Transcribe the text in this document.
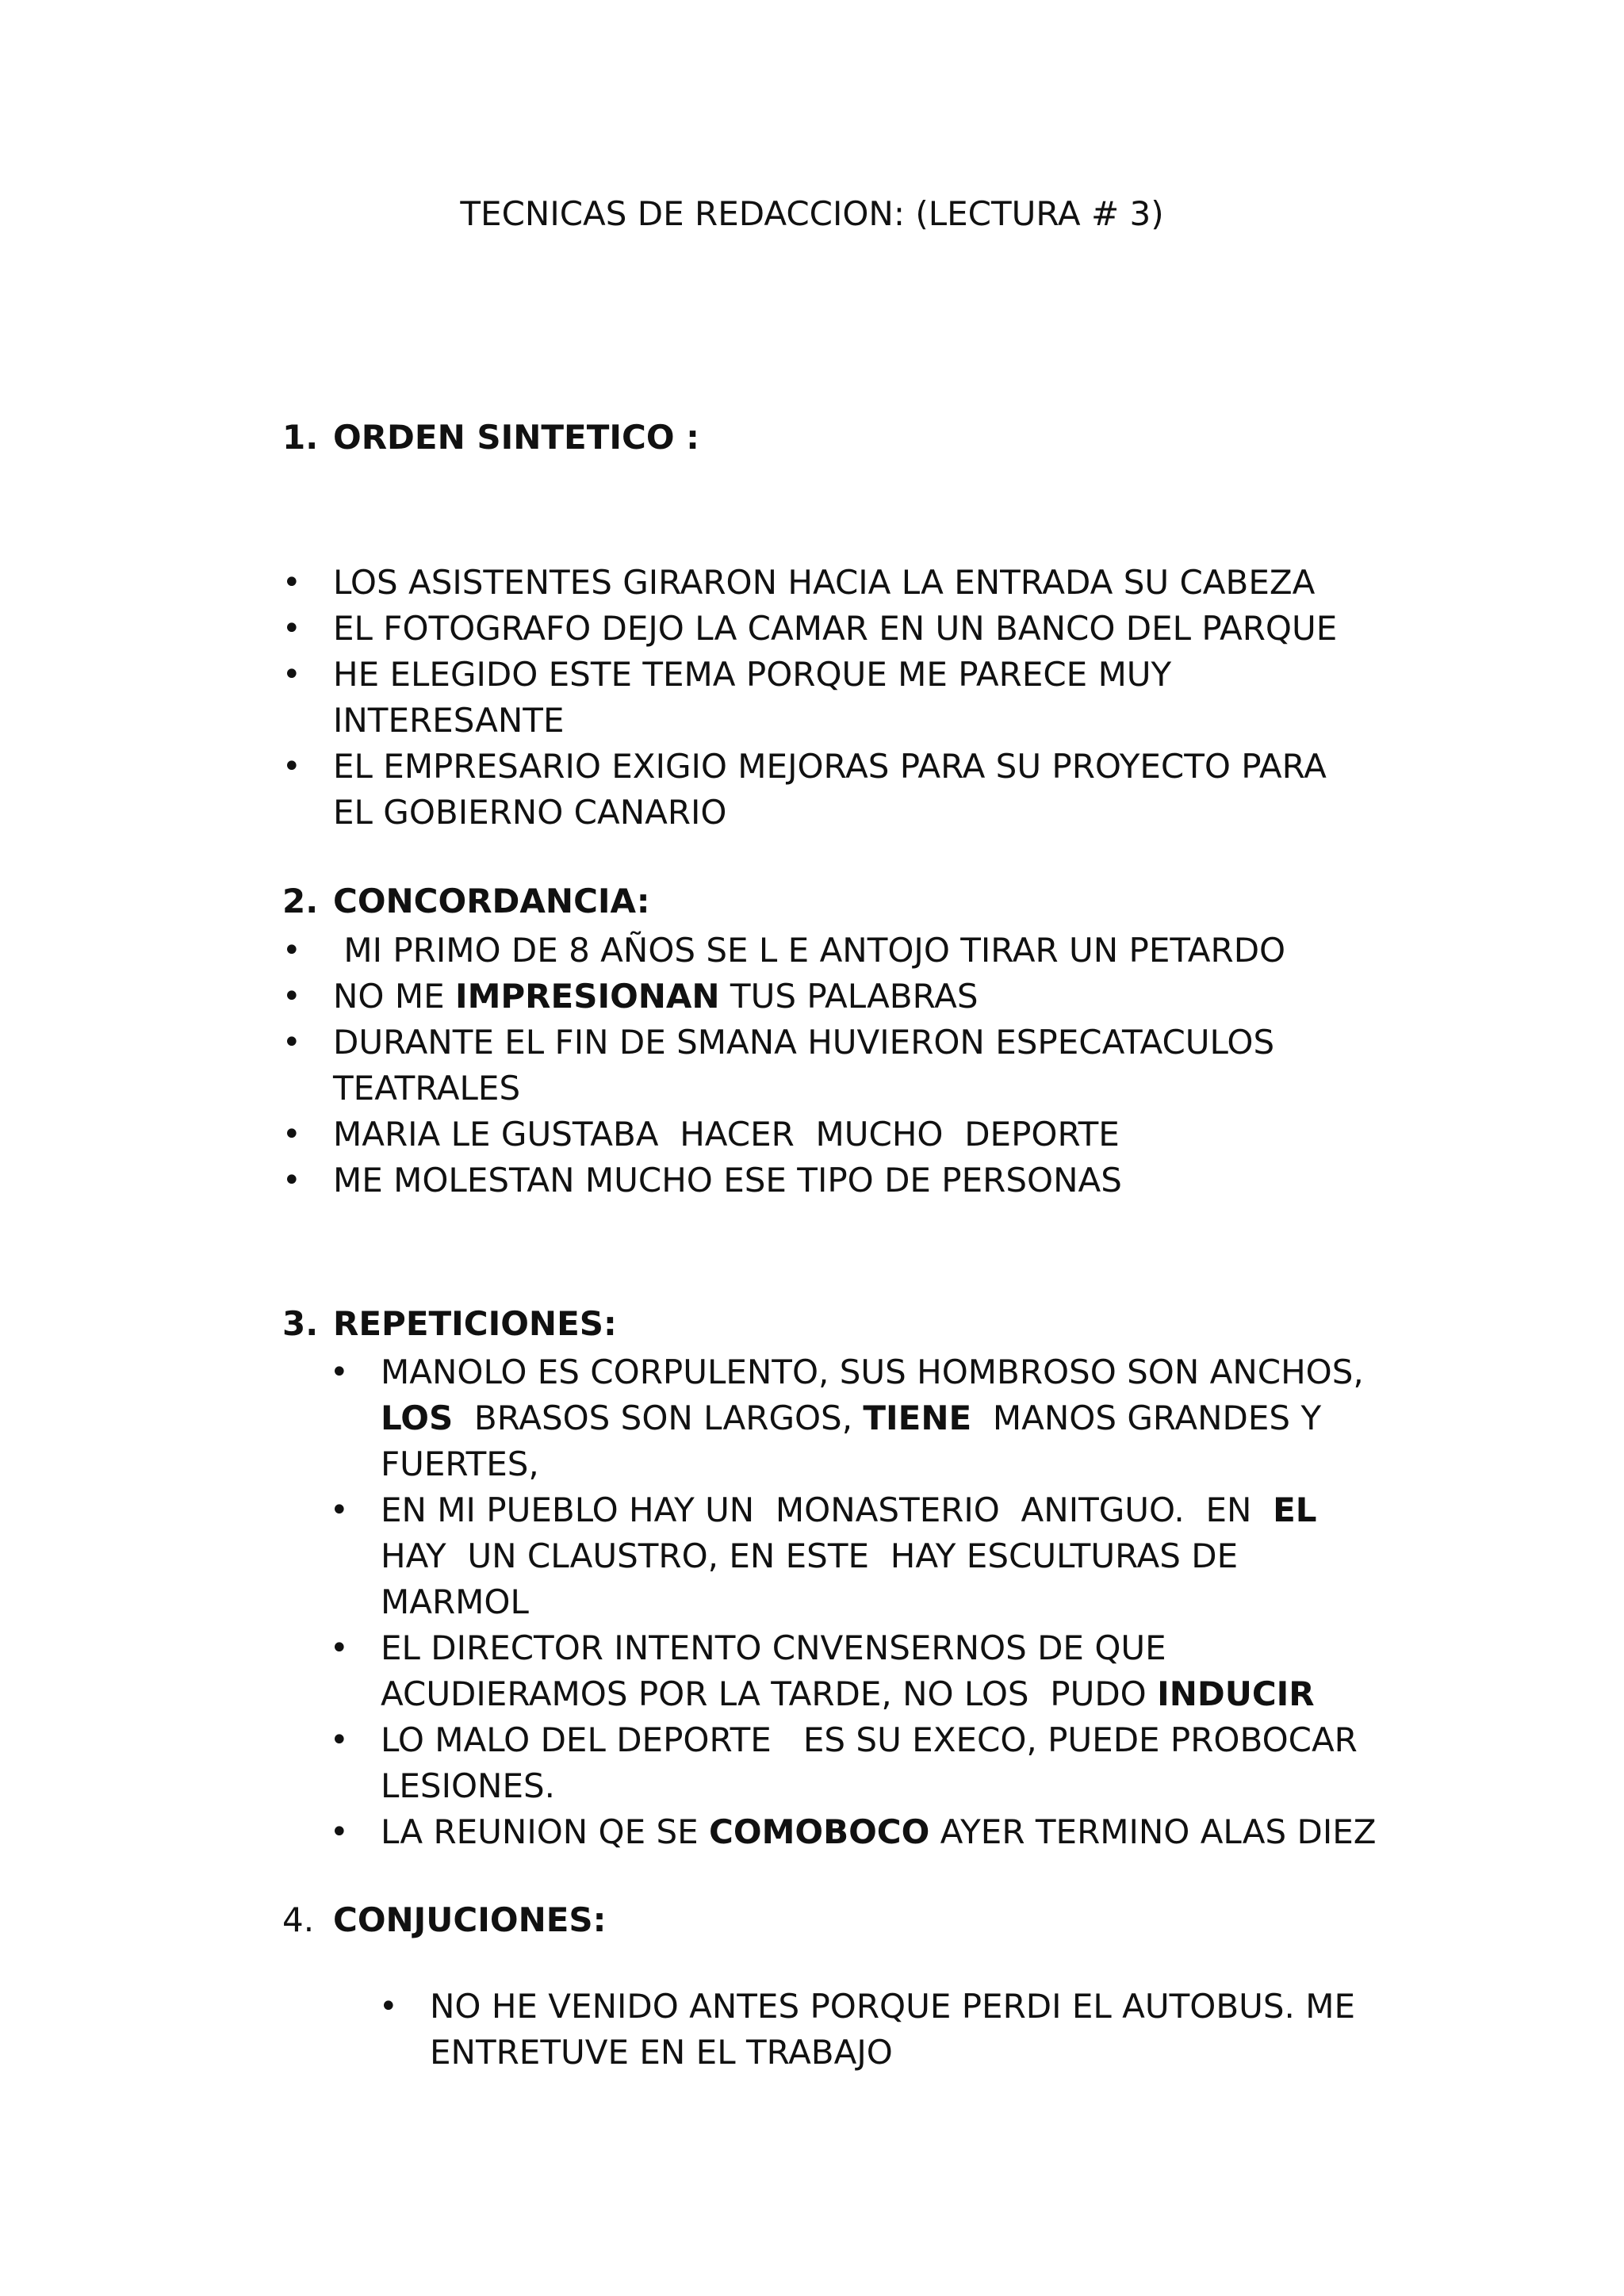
TECNICAS DE REDACCION: (LECTURA # 3)
1. ORDEN SINTETICO :
• LOS ASISTENTES GIRARON HACIA LA ENTRADA SU CABEZA
• EL FOTOGRAFO DEJO LA CAMAR EN UN BANCO DEL PARQUE
• HE ELEGIDO ESTE TEMA PORQUE ME PARECE MUY
INTERESANTE
• EL EMPRESARIO EXIGIO MEJORAS PARA SU PROYECTO PARA
EL GOBIERNO CANARIO
2. CONCORDANCIA:
•  MI PRIMO DE 8 AÑOS SE L E ANTOJO TIRAR UN PETARDO
• NO ME IMPRESIONAN TUS PALABRAS
• DURANTE EL FIN DE SMANA HUVIERON ESPECATACULOS
TEATRALES
• MARIA LE GUSTABA  HACER  MUCHO  DEPORTE
• ME MOLESTAN MUCHO ESE TIPO DE PERSONAS
3. REPETICIONES:
• MANOLO ES CORPULENTO, SUS HOMBROSO SON ANCHOS,
LOS  BRASOS SON LARGOS, TIENE  MANOS GRANDES Y
FUERTES,
• EN MI PUEBLO HAY UN  MONASTERIO  ANITGUO.  EN  EL
HAY  UN CLAUSTRO, EN ESTE  HAY ESCULTURAS DE
MARMOL
• EL DIRECTOR INTENTO CNVENSERNOS DE QUE
ACUDIERAMOS POR LA TARDE, NO LOS  PUDO INDUCIR
• LO MALO DEL DEPORTE   ES SU EXECO, PUEDE PROBOCAR
LESIONES.
• LA REUNION QE SE COMOBOCO AYER TERMINO ALAS DIEZ
4. CONJUCIONES:
• NO HE VENIDO ANTES PORQUE PERDI EL AUTOBUS. ME
ENTRETUVE EN EL TRABAJO
